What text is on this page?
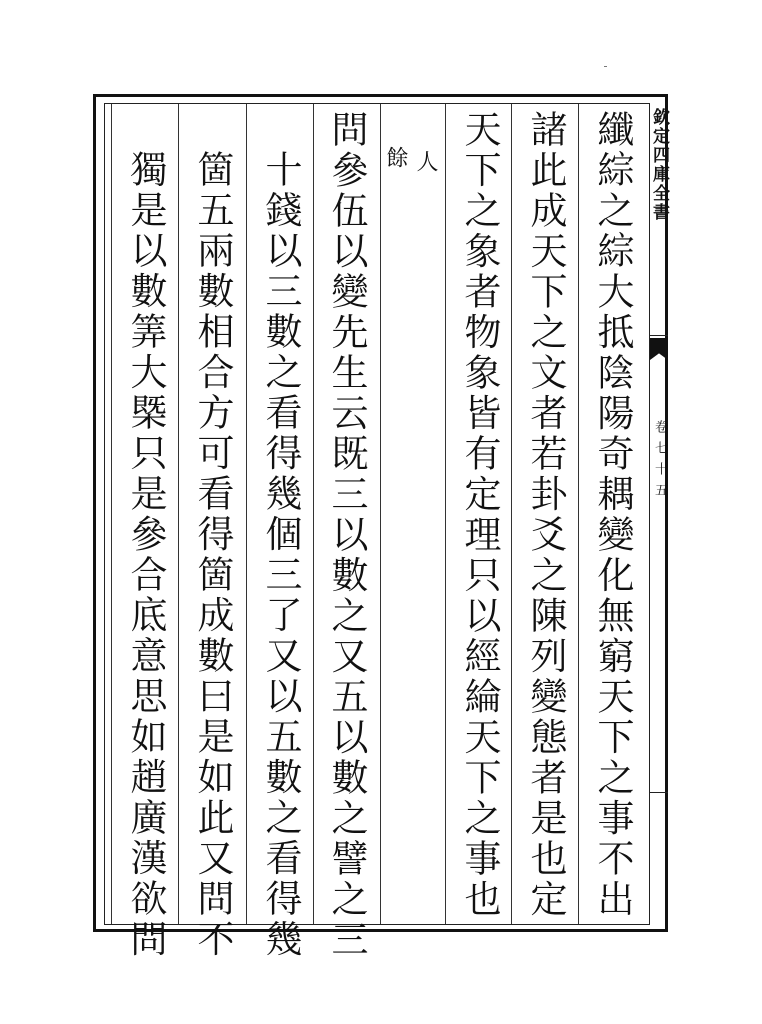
欽定四庫全書
卷七十五
纖綜之綜大抵陰陽奇耦變化無窮天下之事不出
諸此成天下之文者若卦爻之陳列變態者是也定
天下之象者物象皆有定理只以經綸天下之事也
人
餘
問參伍以變先生云既三以數之又五以數之譬之三
十錢以三數之看得幾個三了又以五數之看得幾
箇五兩數相合方可看得箇成數曰是如此又問不
獨是以數筭大槩只是參合底意思如趙廣漢欲問
